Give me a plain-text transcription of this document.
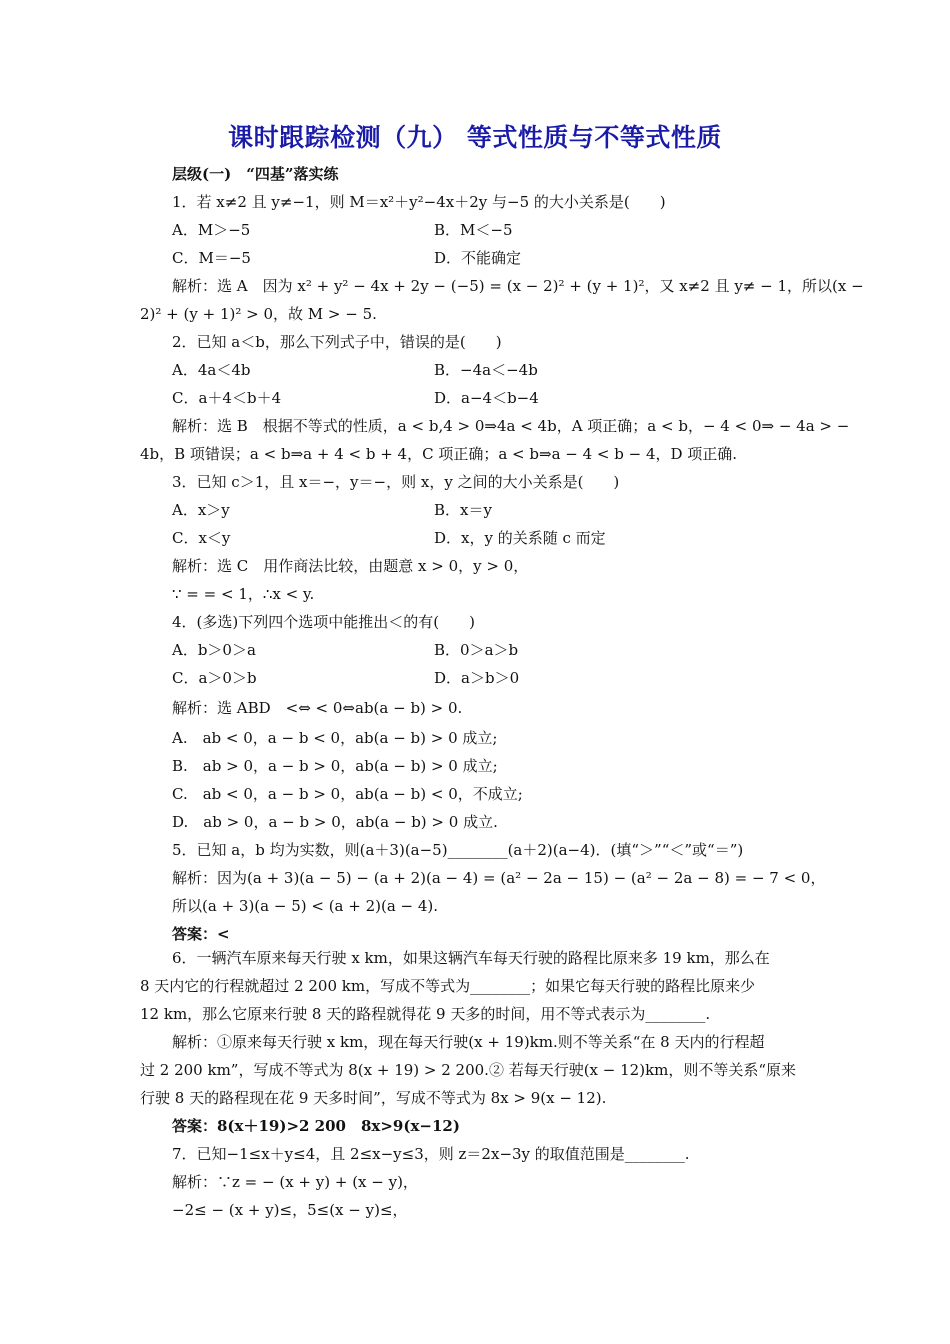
课时跟踪检测（九） 等式性质与不等式性质
层级(一)　“四基”落实练
1．若 x≠2 且 y≠−1，则 M＝x²＋y²−4x＋2y 与−5 的大小关系是(　　)
A．M＞−5	B．M＜−5
C．M＝−5	D．不能确定
解析：选 A　因为 x² + y² − 4x + 2y − (−5) = (x − 2)² + (y + 1)²，又 x≠2 且 y≠ − 1，所以(x −
2)² + (y + 1)² > 0，故 M > − 5.
2．已知 a＜b，那么下列式子中，错误的是(　　)
A．4a＜4b	B．−4a＜−4b
C．a＋4＜b＋4	D．a−4＜b−4
解析：选 B　根据不等式的性质，a < b,4 > 0⇒4a < 4b，A 项正确；a < b，− 4 < 0⇒ − 4a > −
4b，B 项错误；a < b⇒a + 4 < b + 4，C 项正确；a < b⇒a − 4 < b − 4，D 项正确.
3．已知 c＞1，且 x＝−，y＝−，则 x，y 之间的大小关系是(　　)
A．x＞y	B．x＝y
C．x＜y	D．x，y 的关系随 c 而定
解析：选 C　用作商法比较，由题意 x > 0，y > 0，
∵ = = < 1，∴x < y.
4．(多选)下列四个选项中能推出＜的有(　　)
A．b＞0＞a	B．0＞a＞b
C．a＞0＞b	D．a＞b＞0
解析：选 ABD　<⇔ < 0⇔ab(a − b) > 0.
A.　ab < 0，a − b < 0，ab(a − b) > 0 成立;
B.　ab > 0，a − b > 0，ab(a − b) > 0 成立;
C.　ab < 0，a − b > 0，ab(a − b) < 0，不成立;
D.　ab > 0，a − b > 0，ab(a − b) > 0 成立.
5．已知 a，b 均为实数，则(a＋3)(a−5)________(a＋2)(a−4)．(填“＞”“＜”或“＝”)
解析：因为(a + 3)(a − 5) − (a + 2)(a − 4) = (a² − 2a − 15) − (a² − 2a − 8) = − 7 < 0，
所以(a + 3)(a − 5) < (a + 2)(a − 4).
答案：<
6．一辆汽车原来每天行驶 x km，如果这辆汽车每天行驶的路程比原来多 19 km，那么在
8 天内它的行程就超过 2 200 km，写成不等式为________；如果它每天行驶的路程比原来少
12 km，那么它原来行驶 8 天的路程就得花 9 天多的时间，用不等式表示为________.
解析：①原来每天行驶 x km，现在每天行驶(x + 19)km.则不等关系“在 8 天内的行程超
过 2 200 km”，写成不等式为 8(x + 19) > 2 200.② 若每天行驶(x − 12)km，则不等关系“原来
行驶 8 天的路程现在花 9 天多时间”，写成不等式为 8x > 9(x − 12).
答案：8(x＋19)>2 200　8x>9(x−12)
7．已知−1≤x＋y≤4，且 2≤x−y≤3，则 z＝2x−3y 的取值范围是________.
解析：∵z = − (x + y) + (x − y)，
−2≤ − (x + y)≤，5≤(x − y)≤，
